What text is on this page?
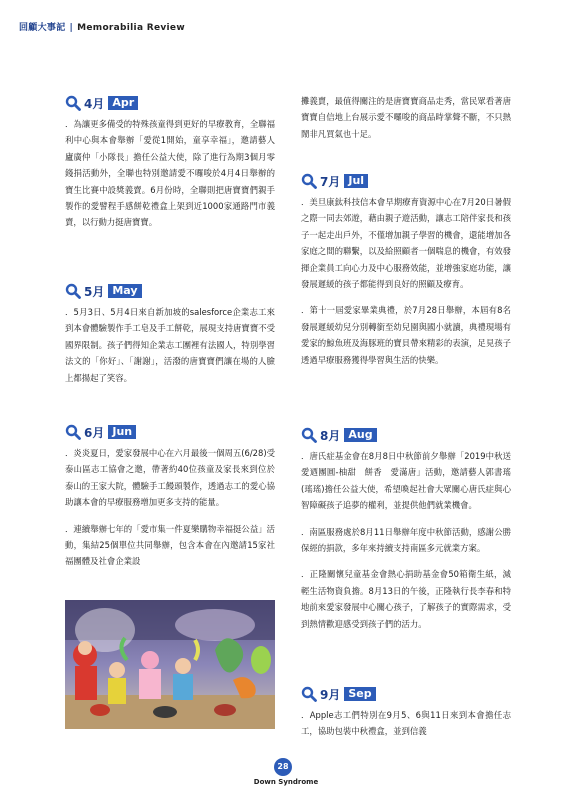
回顧大事記 | Memorabilia Review
4月 Apr

．為讓更多備受的特殊孩童得到更好的早療教育，全聯福利中心與本會舉辦「愛從1開始，童享幸福」，邀請藝人廬廣仲「小隊長」擔任公益大使，除了進行為期3個月零錢捐活動外，全聯也特別邀請愛不囉唆於4月4日舉辦的寶生比賽中設獎義賣。6月份時，全聯則把唐寶寶們親手製作的愛譬程手感餅乾禮盒上架到近1000家通路門市義賣，以行動力挺唐寶寶。

5月 May

．5月3日、5月4日來自新加坡的salesforce企業志工來到本會體驗製作手工皂及手工餅乾，展現支持唐寶寶不受國界限制。孩子們得知企業志工團裡有法國人，特別學習法文的「你好」、「謝謝」，活潑的唐寶寶們讓在場的人臉上都揚起了笑容。

6月 Jun

．炎炎夏日，愛家發展中心在六月最後一個周五(6/28)受泰山區志工協會之邀，帶著約40位孩童及家長來到位於泰山的王家大院，體驗手工饅頭製作，透過志工的愛心協助讓本會的早療服務增加更多支持的能量。

．連續舉辦七年的「愛市集一件夏樂購物幸福挺公益」活動，集結25個單位共同舉辦，包含本會在內邀請15家社福團體及社會企業設

攤義賣，最值得關注的是唐寶寶商品走秀，當民眾看著唐寶寶自信地上台展示愛不囉唆的商品時掌聲不斷，不只熱鬧非凡買氣也十足。

7月 Jul

．美旦康鈦科技信本會早期療育資源中心在7月20日暑假之際一同去郊遊，藉由親子遊活動，讓志工陪伴家長和孩子一起走出戶外，不僅增加親子學習的機會，還能增加各家庭之間的聯繫，以及給照顧者一個喘息的機會，有效發揮企業員工向心力及中心服務效能，並增強家庭功能，讓發展遲緩的孩子都能得到良好的照顧及療育。

．第十一屆愛家畢業典禮，於7月28日舉辦，本屆有8名發展遲緩幼兒分別轉銜至幼兒園與國小就讀，典禮現場有愛家的鯨魚班及海豚班的寶貝帶來精彩的表演，足見孩子透過早療服務獲得學習與生活的快樂。

8月 Aug

．唐氏症基金會在8月8日中秋節前夕舉辦「2019中秋送愛迺團圓-柚甜　餅香　愛滿唐」活動，邀請藝人郭書瑤(瑤瑤)擔任公益大使，希望喚起社會大眾關心唐氏症與心智障礙孩子追夢的權利，並提供他們就業機會。

．南區服務處於8月11日舉辦年度中秋節活動，感謝公勝保經的捐款，多年來持續支持南區多元就業方案。

．正隆關懷兒童基金會熱心捐助基金會50箱衛生紙，減輕生活物資負擔。8月13日的午後，正隆執行長李春和特地前來愛家發展中心關心孩子，了解孩子的實際需求，受到熱情歡迎感受到孩子們的活力。

9月 Sep

．Apple志工們特別在9月5、6與11日來到本會擔任志工，協助包裝中秋禮盒，並到信義

28
Down Syndrome
